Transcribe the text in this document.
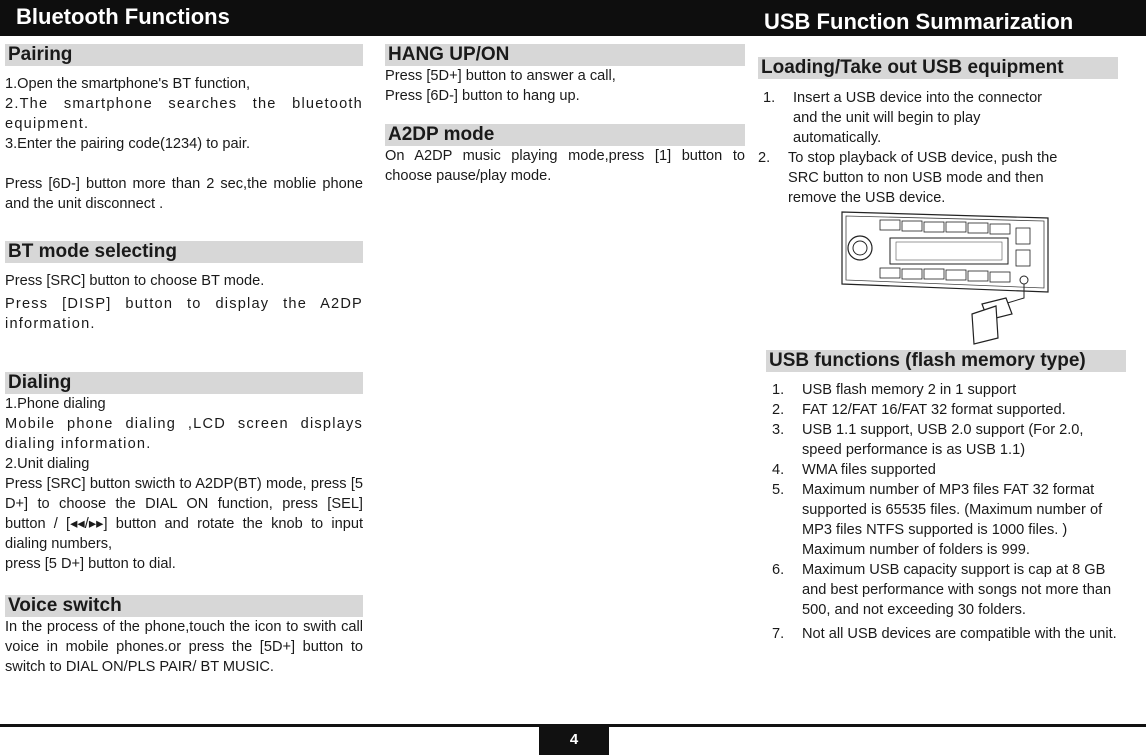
Bluetooth Functions	USB Function Summarization
Pairing

1.Open the smartphone's BT function,

2.The smartphone searches the bluetooth equipment.

3.Enter the pairing code(1234) to pair.

Press [6D-] button more than 2 sec,the moblie phone and the unit disconnect .

BT mode selecting

Press [SRC] button to choose BT mode.

Press [DISP] button to display the A2DP information.

Dialing

1.Phone dialing

Mobile phone dialing ,LCD screen displays dialing information.

2.Unit dialing

Press [SRC] button swicth to A2DP(BT) mode, press [5 D+] to choose the DIAL ON function, press [SEL] button / [◂◂/▸▸] button and rotate the knob to input dialing numbers,

press [5 D+] button to dial.

Voice switch

In the process of the phone,touch the icon to swith call voice in mobile phones.or press the [5D+] button to switch to DIAL ON/PLS PAIR/ BT MUSIC.

HANG UP/ON

Press [5D+] button to answer a call,

Press [6D-] button to hang up.

A2DP mode

On A2DP music playing mode,press [1] button to choose pause/play mode.

Loading/Take out USB equipment
1. Insert a USB device into the connector and the unit will begin to play automatically.
2. To stop playback of USB device, push the SRC button to non USB mode and then remove the USB device.
USB functions (flash memory type)
1. USB flash memory 2 in 1 support
2. FAT 12/FAT 16/FAT 32 format supported.
3. USB 1.1 support, USB 2.0 support (For 2.0, speed performance is as USB 1.1)
4. WMA files supported
5. Maximum number of MP3 files FAT 32 format supported is 65535 files. (Maximum number of MP3 files NTFS supported is 1000 files. ) Maximum number of folders is 999.
6. Maximum USB capacity support is cap at 8 GB and best performance with songs not more than 500, and not exceeding 30 folders.
7. Not all USB devices are compatible with the unit.
4
